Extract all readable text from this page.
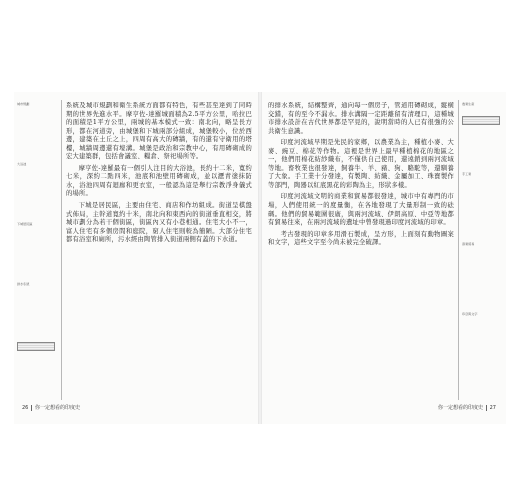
城市規劃
大浴池
下城居民區
排水系統

系統及城市規劃和衛生系統方面都有特色，有些甚至達到了同時期的世界先進水平。摩亨佐-達羅城面積為2.5平方公里，哈拉巴的面積是1平方公里，兩城的基本模式一致：南北向，略呈長方形，都在河道旁，由城堡和下城兩部分組成，城堡較小，位於西邊，建築在土丘之上，四周有高大的磚牆，有的還有守衛用的塔樓，城牆周邊還有壕溝。城堡是政治和宗教中心，有用磚砌成的宏大建築群，包括會議室、糧倉、祭祀場所等。

摩亨佐-達羅最有一個引人注目的大浴池，長約十二米，寬約七米，深約二點四米，池底和池壁用磚砌成，並以瀝青塗抹防水，浴池四周有迴廊和更衣室，一般認為這是舉行宗教淨身儀式的場所。

下城是居民區，主要由住宅、商店和作坊組成。街道呈棋盤式佈局，主幹道寬約十米，南北向和東西向的街道垂直相交，將城市劃分為若干個街區，街區內又有小巷相通。住宅大小不一，富人住宅有多個房間和庭院，窮人住宅則較為簡陋。大部分住宅都有浴室和廁所，污水經由陶管排入街道兩側有蓋的下水道。

26 你一定想看的印度史

的排水系統，結構整齊，通向每一個房子，管道用磚砌成，縱橫交錯，有的至今不漏水。排水溝隔一定距離留有清理口，這種城市排水設計在古代世界都是罕見的，說明當時的人已有很強的公共衛生意識。

印度河流域早期是先民的家鄉，以農業為主，種植小麥、大麥、豌豆、棉花等作物。這裡是世界上最早種植棉花的地區之一，他們用棉花紡紗織布，不僅供自己使用，還遠銷到兩河流域等地。畜牧業也很發達，飼養牛、羊、豬、狗、駱駝等，還馴養了大象。手工業十分發達，有製陶、紡織、金屬加工、珠寶製作等部門，陶器以紅底黑花的彩陶為主，形狀多樣。

印度河流域文明的商業和貿易都很發達，城市中有專門的市場，人們使用統一的度量衡，在各地發現了大量形制一致的砝碼。他們的貿易範圍很廣，與兩河流域、伊朗高原、中亞等地都有貿易往來，在兩河流域的遺址中曾發現過印度河流域的印章。

考古發現的印章多用滑石製成，呈方形，上面刻有動物圖案和文字，這些文字至今尚未被完全破譯。

農業生產
手工業
商業貿易
印章與文字
你一定想看的印度史 27
